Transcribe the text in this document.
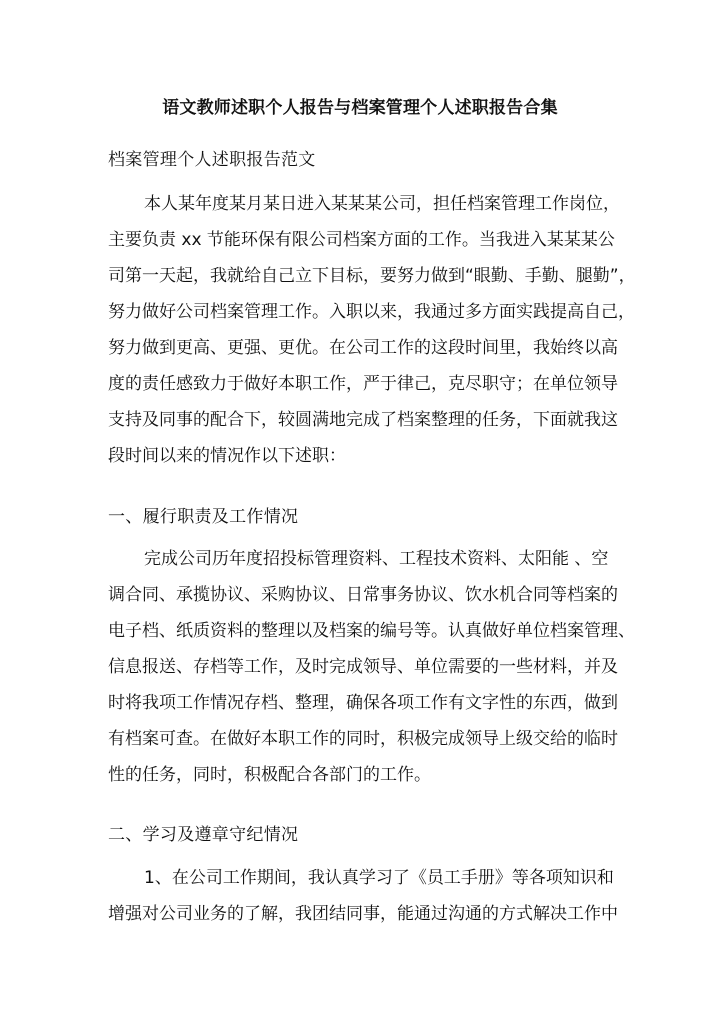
语文教师述职个人报告与档案管理个人述职报告合集
档案管理个人述职报告范文
本人某年度某月某日进入某某某公司，担任档案管理工作岗位，
主要负责 xx 节能环保有限公司档案方面的工作。当我进入某某某公
司第一天起，我就给自己立下目标，要努力做到“眼勤、手勤、腿勤”，
努力做好公司档案管理工作。入职以来，我通过多方面实践提高自己，
努力做到更高、更强、更优。在公司工作的这段时间里，我始终以高
度的责任感致力于做好本职工作，严于律己，克尽职守；在单位领导
支持及同事的配合下，较圆满地完成了档案整理的任务，下面就我这
段时间以来的情况作以下述职：
一、履行职责及工作情况
完成公司历年度招投标管理资料、工程技术资料、太阳能 、空
调合同、承揽协议、采购协议、日常事务协议、饮水机合同等档案的
电子档、纸质资料的整理以及档案的编号等。认真做好单位档案管理、
信息报送、存档等工作，及时完成领导、单位需要的一些材料，并及
时将我项工作情况存档、整理，确保各项工作有文字性的东西，做到
有档案可查。在做好本职工作的同时，积极完成领导上级交给的临时
性的任务，同时，积极配合各部门的工作。
二、学习及遵章守纪情况
1、在公司工作期间，我认真学习了《员工手册》等各项知识和
增强对公司业务的了解，我团结同事，能通过沟通的方式解决工作中
